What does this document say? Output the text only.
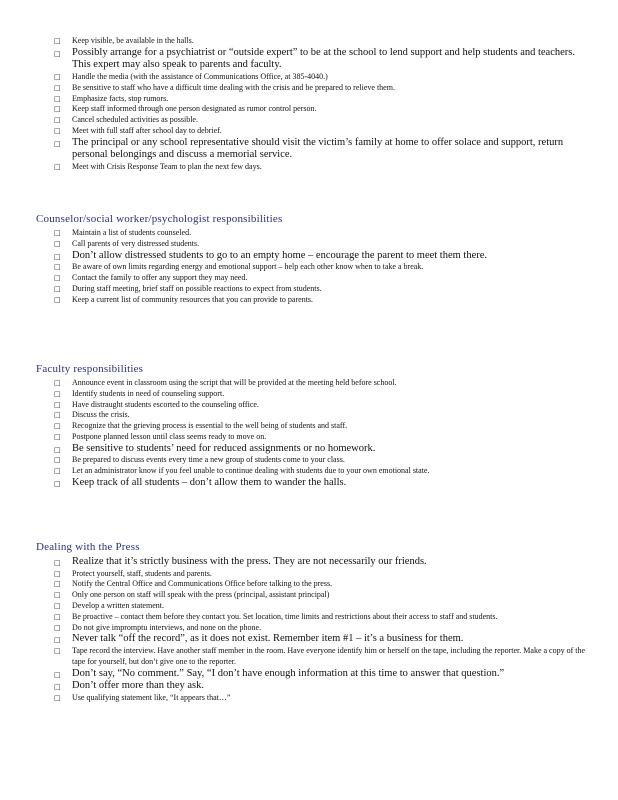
□ Keep visible, be available in the halls.
□ Possibly arrange for a psychiatrist or “outside expert” to be at the school to lend support and help students and teachers. This expert may also speak to parents and faculty.
□ Handle the media (with the assistance of Communications Office, at 385-4040.)
□ Be sensitive to staff who have a difficult time dealing with the crisis and be prepared to relieve them.
□ Emphasize facts, stop rumors.
□ Keep staff informed through one person designated as rumor control person.
□ Cancel scheduled activities as possible.
□ Meet with full staff after school day to debrief.
□ The principal or any school representative should visit the victim’s family at home to offer solace and support, return personal belongings and discuss a memorial service.
□ Meet with Crisis Response Team to plan the next few days.
Counselor/social worker/psychologist responsibilities
□ Maintain a list of students counseled.
□ Call parents of very distressed students.
□ Don’t allow distressed students to go to an empty home – encourage the parent to meet them there.
□ Be aware of own limits regarding energy and emotional support – help each other know when to take a break.
□ Contact the family to offer any support they may need.
□ During staff meeting, brief staff on possible reactions to expect from students.
□ Keep a current list of community resources that you can provide to parents.
Faculty responsibilities
□ Announce event in classroom using the script that will be provided at the meeting held before school.
□ Identify students in need of counseling support.
□ Have distraught students escorted to the counseling office.
□ Discuss the crisis.
□ Recognize that the grieving process is essential to the well being of students and staff.
□ Postpone planned lesson until class seems ready to move on.
□ Be sensitive to students’ need for reduced assignments or no homework.
□ Be prepared to discuss events every time a new group of students come to your class.
□ Let an administrator know if you feel unable to continue dealing with students due to your own emotional state.
□ Keep track of all students – don’t allow them to wander the halls.
Dealing with the Press
□ Realize that it’s strictly business with the press. They are not necessarily our friends.
□ Protect yourself, staff, students and parents.
□ Notify the Central Office and Communications Office before talking to the press.
□ Only one person on staff will speak with the press (principal, assistant principal)
□ Develop a written statement.
□ Be proactive – contact them before they contact you. Set location, time limits and restrictions about their access to staff and students.
□ Do not give impromptu interviews, and none on the phone.
□ Never talk “off the record”, as it does not exist. Remember item #1 – it’s a business for them.
□ Tape record the interview. Have another staff member in the room. Have everyone identify him or herself on the tape, including the reporter. Make a copy of the tape for yourself, but don’t give one to the reporter.
□ Don’t say, “No comment.” Say, “I don’t have enough information at this time to answer that question.”
□ Don’t offer more than they ask.
□ Use qualifying statement like, “It appears that…”
